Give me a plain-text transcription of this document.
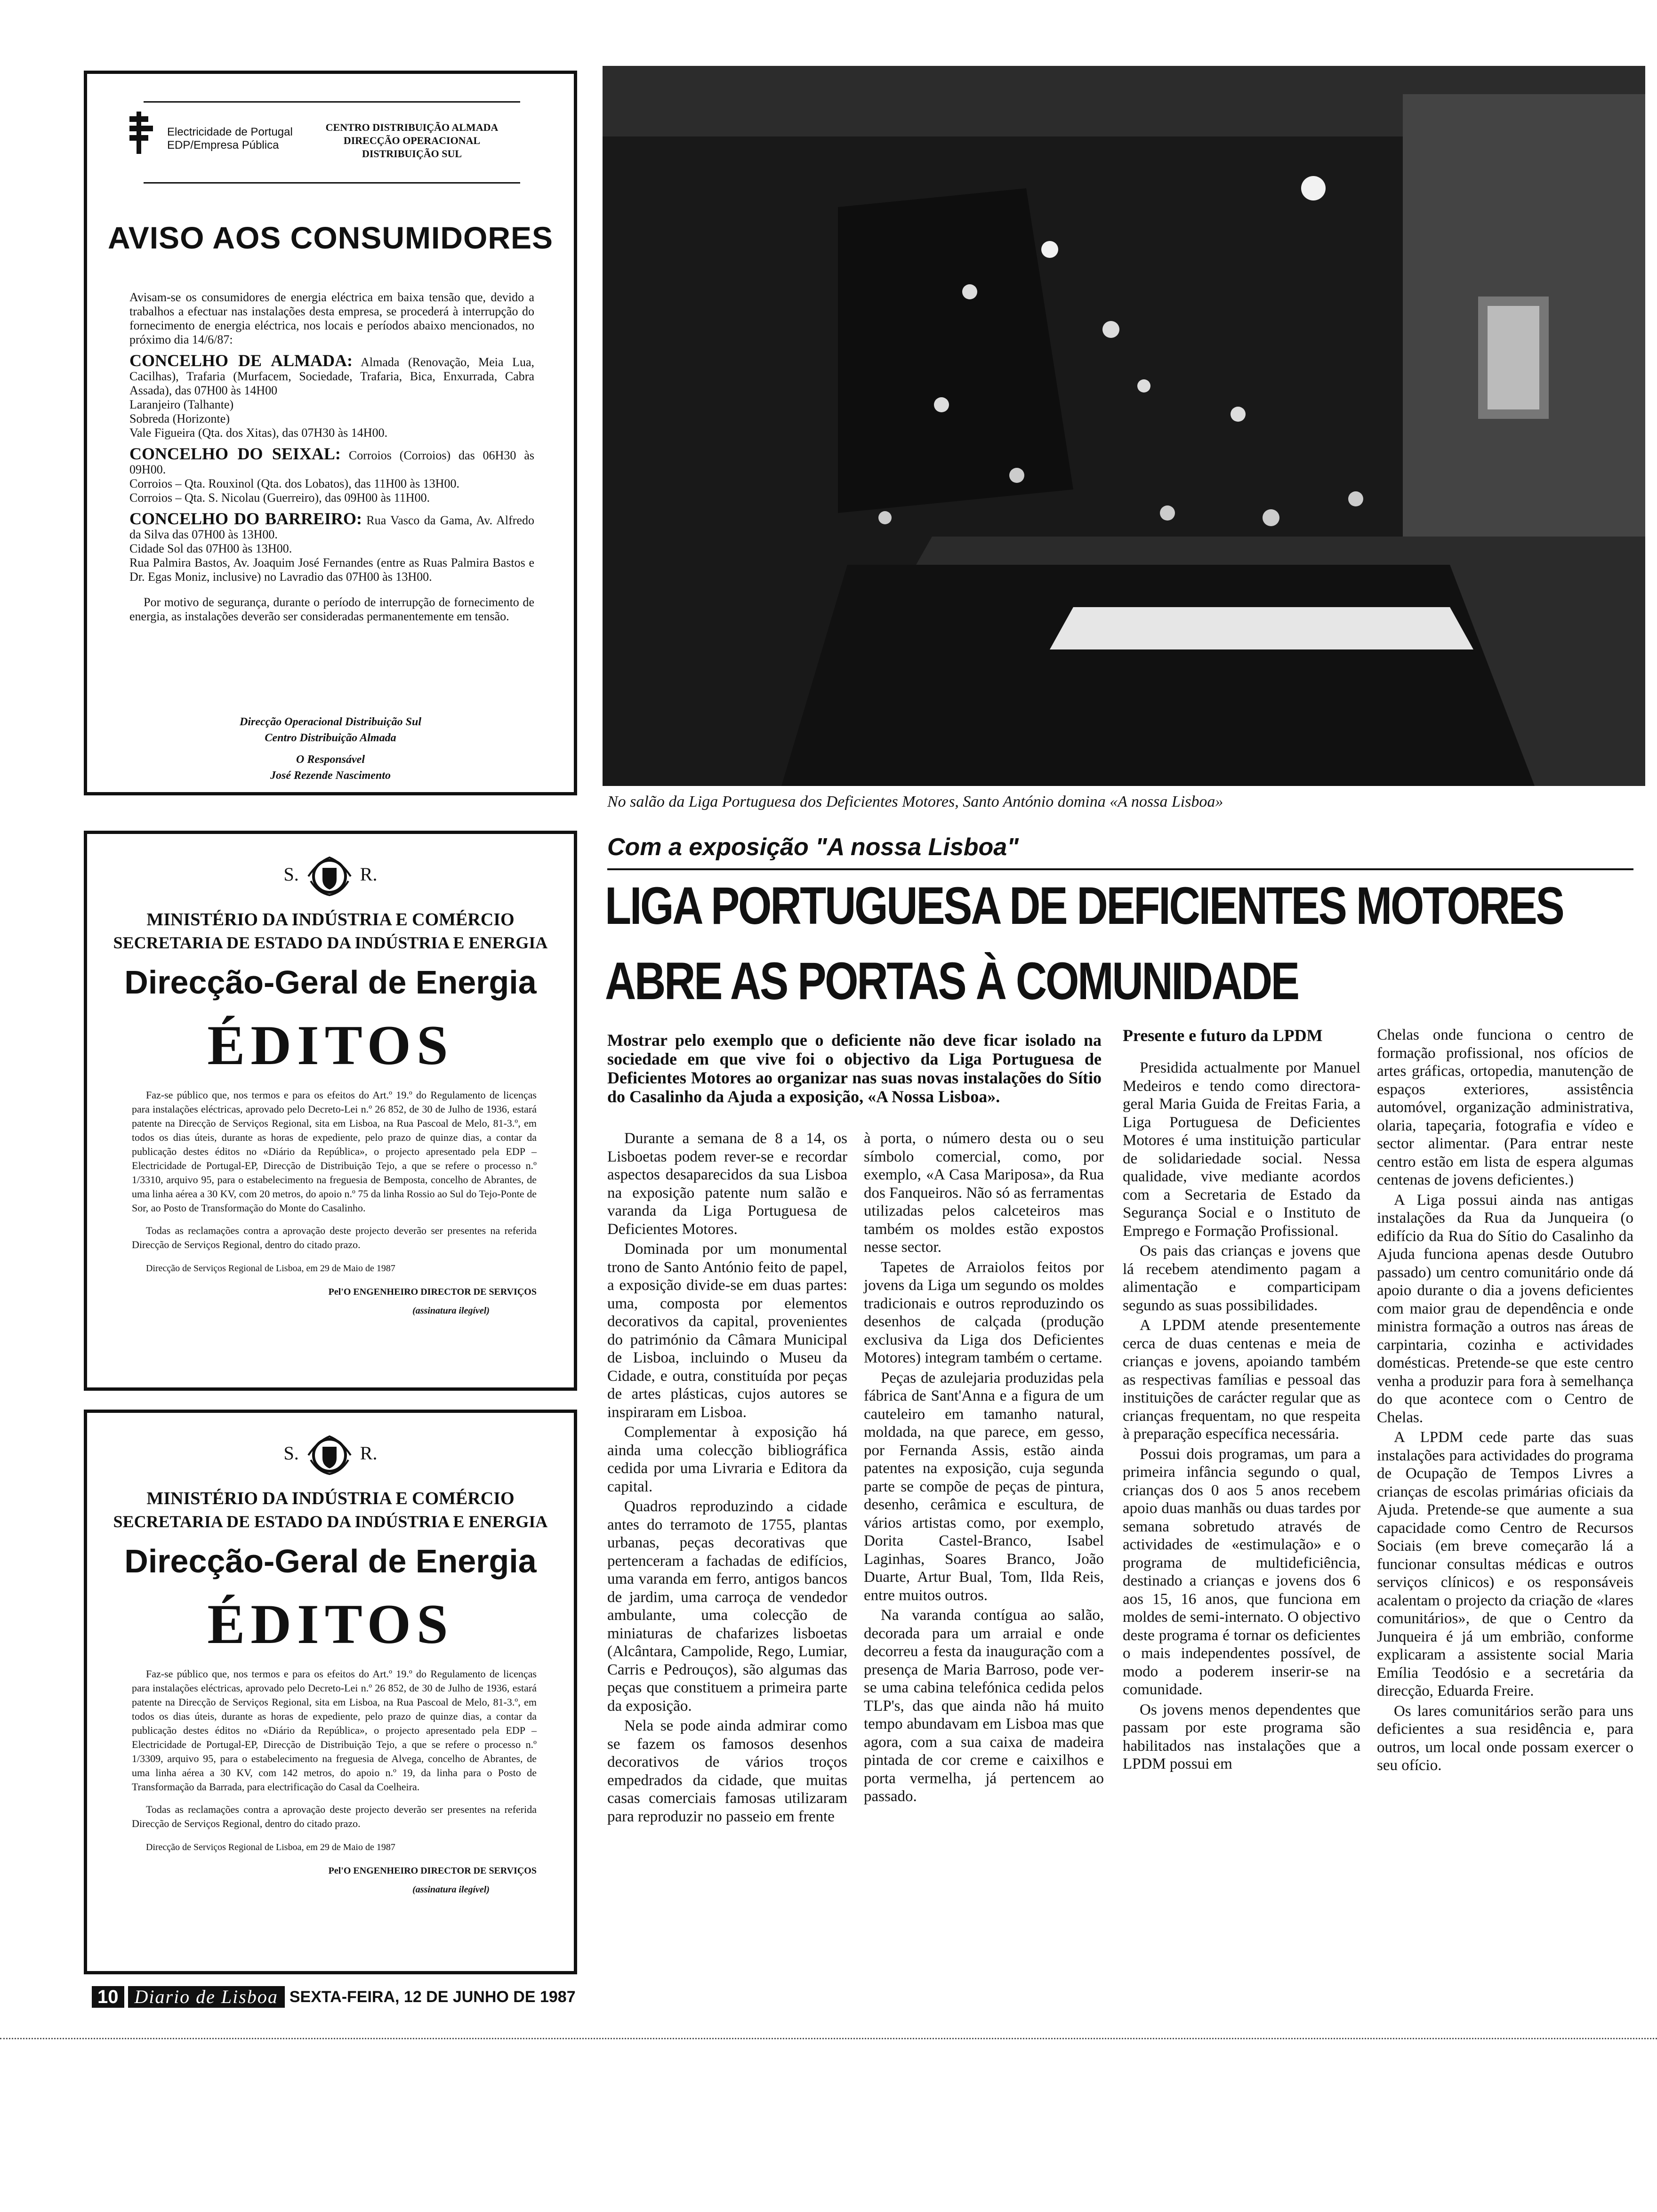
Electricidade de Portugal
EDP/Empresa Pública
CENTRO DISTRIBUIÇÃO ALMADA
DIRECÇÃO OPERACIONAL
DISTRIBUIÇÃO SUL
AVISO AOS CONSUMIDORES

Avisam-se os consumidores de energia eléctrica em baixa tensão que, devido a trabalhos a efectuar nas instalações desta empresa, se procederá à interrupção do fornecimento de energia eléctrica, nos locais e períodos abaixo mencionados, no próximo dia 14/6/87:

CONCELHO DE ALMADA: Almada (Renovação, Meia Lua, Cacilhas), Trafaria (Murfacem, Sociedade, Trafaria, Bica, Enxurrada, Cabra Assada), das 07H00 às 14H00
Laranjeiro (Talhante)
Sobreda (Horizonte)
Vale Figueira (Qta. dos Xitas), das 07H30 às 14H00.
CONCELHO DO SEIXAL: Corroios (Corroios) das 06H30 às 09H00.
Corroios – Qta. Rouxinol (Qta. dos Lobatos), das 11H00 às 13H00.
Corroios – Qta. S. Nicolau (Guerreiro), das 09H00 às 11H00.
CONCELHO DO BARREIRO: Rua Vasco da Gama, Av. Alfredo da Silva das 07H00 às 13H00.
Cidade Sol das 07H00 às 13H00.
Rua Palmira Bastos, Av. Joaquim José Fernandes (entre as Ruas Palmira Bastos e Dr. Egas Moniz, inclusive) no Lavradio das 07H00 às 13H00.

Por motivo de segurança, durante o período de interrupção de fornecimento de energia, as instalações deverão ser consideradas permanentemente em tensão.

Direcção Operacional Distribuição Sul
Centro Distribuição Almada
O Responsável
José Rezende Nascimento
S.	R.
MINISTÉRIO DA INDÚSTRIA E COMÉRCIO
SECRETARIA DE ESTADO DA INDÚSTRIA E ENERGIA
Direcção-Geral de Energia
ÉDITOS

Faz-se público que, nos termos e para os efeitos do Art.º 19.º do Regulamento de licenças para instalações eléctricas, aprovado pelo Decreto-Lei n.º 26 852, de 30 de Julho de 1936, estará patente na Direcção de Serviços Regional, sita em Lisboa, na Rua Pascoal de Melo, 81-3.º, em todos os dias úteis, durante as horas de expediente, pelo prazo de quinze dias, a contar da publicação destes éditos no «Diário da República», o projecto apresentado pela EDP – Electricidade de Portugal-EP, Direcção de Distribuição Tejo, a que se refere o processo n.º 1/3310, arquivo 95, para o estabelecimento na freguesia de Bemposta, concelho de Abrantes, de uma linha aérea a 30 KV, com 20 metros, do apoio n.º 75 da linha Rossio ao Sul do Tejo-Ponte de Sor, ao Posto de Transformação do Monte do Casalinho.

Todas as reclamações contra a aprovação deste projecto deverão ser presentes na referida Direcção de Serviços Regional, dentro do citado prazo.

Direcção de Serviços Regional de Lisboa, em 29 de Maio de 1987

Pel'O ENGENHEIRO DIRECTOR DE SERVIÇOS

(assinatura ilegível)

S.	R.
MINISTÉRIO DA INDÚSTRIA E COMÉRCIO
SECRETARIA DE ESTADO DA INDÚSTRIA E ENERGIA
Direcção-Geral de Energia
ÉDITOS

Faz-se público que, nos termos e para os efeitos do Art.º 19.º do Regulamento de licenças para instalações eléctricas, aprovado pelo Decreto-Lei n.º 26 852, de 30 de Julho de 1936, estará patente na Direcção de Serviços Regional, sita em Lisboa, na Rua Pascoal de Melo, 81-3.º, em todos os dias úteis, durante as horas de expediente, pelo prazo de quinze dias, a contar da publicação destes éditos no «Diário da República», o projecto apresentado pela EDP – Electricidade de Portugal-EP, Direcção de Distribuição Tejo, a que se refere o processo n.º 1/3309, arquivo 95, para o estabelecimento na freguesia de Alvega, concelho de Abrantes, de uma linha aérea a 30 KV, com 142 metros, do apoio n.º 19, da linha para o Posto de Transformação da Barrada, para electrificação do Casal da Coelheira.

Todas as reclamações contra a aprovação deste projecto deverão ser presentes na referida Direcção de Serviços Regional, dentro do citado prazo.

Direcção de Serviços Regional de Lisboa, em 29 de Maio de 1987

Pel'O ENGENHEIRO DIRECTOR DE SERVIÇOS

(assinatura ilegível)

No salão da Liga Portuguesa dos Deficientes Motores, Santo António domina «A nossa Lisboa»
Com a exposição "A nossa Lisboa"
LIGA PORTUGUESA DE DEFICIENTES MOTORES
ABRE AS PORTAS À COMUNIDADE
Mostrar pelo exemplo que o deficiente não deve ficar isolado na sociedade em que vive foi o objectivo da Liga Portuguesa de Deficientes Motores ao organizar nas suas novas instalações do Sítio do Casalinho da Ajuda a exposição, «A Nossa Lisboa».

Durante a semana de 8 a 14, os Lisboetas podem rever-se e recordar aspectos desaparecidos da sua Lisboa na exposição patente num salão e varanda da Liga Portuguesa de Deficientes Motores.

Dominada por um monumental trono de Santo António feito de papel, a exposição divide-se em duas partes: uma, composta por elementos decorativos da capital, provenientes do património da Câmara Municipal de Lisboa, incluindo o Museu da Cidade, e outra, constituída por peças de artes plásticas, cujos autores se inspiraram em Lisboa.

Complementar à exposição há ainda uma colecção bibliográfica cedida por uma Livraria e Editora da capital.

Quadros reproduzindo a cidade antes do terramoto de 1755, plantas urbanas, peças decorativas que pertenceram a fachadas de edifícios, uma varanda em ferro, antigos bancos de jardim, uma carroça de vendedor ambulante, uma colecção de miniaturas de chafarizes lisboetas (Alcântara, Campolide, Rego, Lumiar, Carris e Pedrouços), são algumas das peças que constituem a primeira parte da exposição.

Nela se pode ainda admirar como se fazem os famosos desenhos decorativos de vários troços empedrados da cidade, que muitas casas comerciais famosas utilizaram para reproduzir no passeio em frente

à porta, o número desta ou o seu símbolo comercial, como, por exemplo, «A Casa Mariposa», da Rua dos Fanqueiros. Não só as ferramentas utilizadas pelos calceteiros mas também os moldes estão expostos nesse sector.

Tapetes de Arraiolos feitos por jovens da Liga um segundo os moldes tradicionais e outros reproduzindo os desenhos de calçada (produção exclusiva da Liga dos Deficientes Motores) integram também o certame.

Peças de azulejaria produzidas pela fábrica de Sant'Anna e a figura de um cauteleiro em tamanho natural, moldada, na que parece, em gesso, por Fernanda Assis, estão ainda patentes na exposição, cuja segunda parte se compõe de peças de pintura, desenho, cerâmica e escultura, de vários artistas como, por exemplo, Dorita Castel-Branco, Isabel Laginhas, Soares Branco, João Duarte, Artur Bual, Tom, Ilda Reis, entre muitos outros.

Na varanda contígua ao salão, decorada para um arraial e onde decorreu a festa da inauguração com a presença de Maria Barroso, pode ver-se uma cabina telefónica cedida pelos TLP's, das que ainda não há muito tempo abundavam em Lisboa mas que agora, com a sua caixa de madeira pintada de cor creme e caixilhos e porta vermelha, já pertencem ao passado.

Presente e futuro da LPDM

Presidida actualmente por Manuel Medeiros e tendo como directora-geral Maria Guida de Freitas Faria, a Liga Portuguesa de Deficientes Motores é uma instituição particular de solidariedade social. Nessa qualidade, vive mediante acordos com a Secretaria de Estado da Segurança Social e o Instituto de Emprego e Formação Profissional.

Os pais das crianças e jovens que lá recebem atendimento pagam a alimentação e comparticipam segundo as suas possibilidades.

A LPDM atende presentemente cerca de duas centenas e meia de crianças e jovens, apoiando também as respectivas famílias e pessoal das instituições de carácter regular que as crianças frequentam, no que respeita à preparação específica necessária.

Possui dois programas, um para a primeira infância segundo o qual, crianças dos 0 aos 5 anos recebem apoio duas manhãs ou duas tardes por semana sobretudo através de actividades de «estimulação» e o programa de multideficiência, destinado a crianças e jovens dos 6 aos 15, 16 anos, que funciona em moldes de semi-internato. O objectivo deste programa é tornar os deficientes o mais independentes possível, de modo a poderem inserir-se na comunidade.

Os jovens menos dependentes que passam por este programa são habilitados nas instalações que a LPDM possui em

Chelas onde funciona o centro de formação profissional, nos ofícios de artes gráficas, ortopedia, manutenção de espaços exteriores, assistência automóvel, organização administrativa, olaria, tapeçaria, fotografia e vídeo e sector alimentar. (Para entrar neste centro estão em lista de espera algumas centenas de jovens deficientes.)

A Liga possui ainda nas antigas instalações da Rua da Junqueira (o edifício da Rua do Sítio do Casalinho da Ajuda funciona apenas desde Outubro passado) um centro comunitário onde dá apoio durante o dia a jovens deficientes com maior grau de dependência e onde ministra formação a outros nas áreas de carpintaria, cozinha e actividades domésticas. Pretende-se que este centro venha a produzir para fora à semelhança do que acontece com o Centro de Chelas.

A LPDM cede parte das suas instalações para actividades do programa de Ocupação de Tempos Livres a crianças de escolas primárias oficiais da Ajuda. Pretende-se que aumente a sua capacidade como Centro de Recursos Sociais (em breve começarão lá a funcionar consultas médicas e outros serviços clínicos) e os responsáveis acalentam o projecto da criação de «lares comunitários», de que o Centro da Junqueira é já um embrião, conforme explicaram a assistente social Maria Emília Teodósio e a secretária da direcção, Eduarda Freire.

Os lares comunitários serão para uns deficientes a sua residência e, para outros, um local onde possam exercer o seu ofício.

10 Diario de Lisboa SEXTA-FEIRA, 12 DE JUNHO DE 1987
